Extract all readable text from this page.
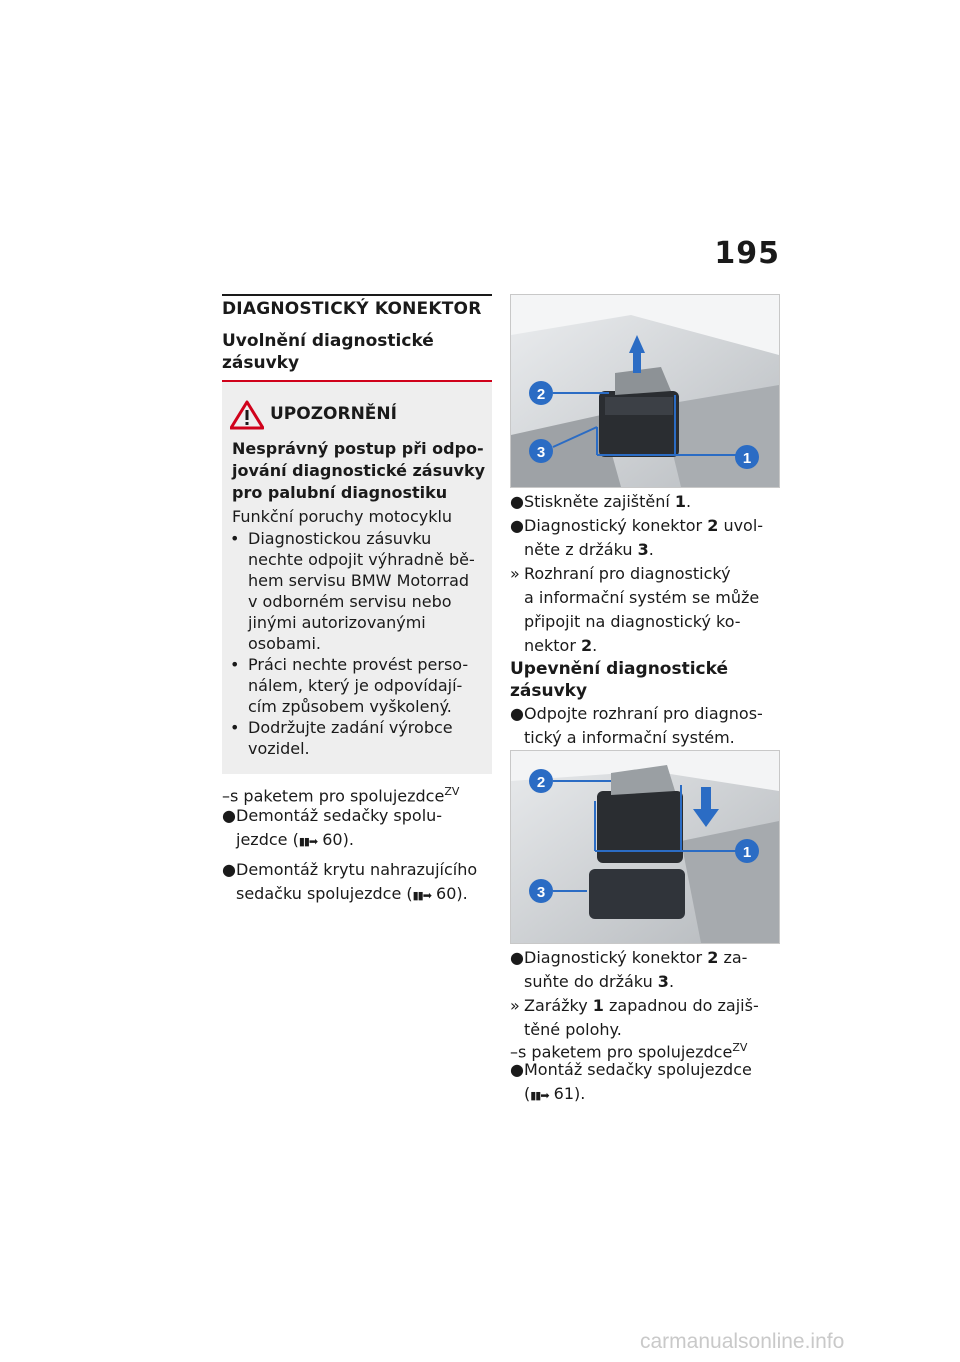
195
DIAGNOSTICKÝ KONEKTOR
Uvolnění diagnostické
zásuvky
UPOZORNĚNÍ
Nesprávný postup při odpo-
jování diagnostické zásuvky
pro palubní diagnostiku
Funkční poruchy motocyklu
• Diagnostickou zásuvku
nechte odpojit výhradně bě-
hem servisu BMW Motorrad
v odborném servisu nebo
jinými autorizovanými
osobami.
• Práci nechte provést perso-
nálem, který je odpovídají-
cím způsobem vyškolený.
• Dodržujte zadání výrobce
vozidel.
–s paketem pro spolujezdce$^{ZV}$
● Demontáž sedačky spolu-
jezdce (▮▮➡ 60).
● Demontáž krytu nahrazujícího
sedačku spolujezdce (▮▮➡ 60).
2
3	1
● Stiskněte zajištění 1.
● Diagnostický konektor 2 uvol-
něte z držáku 3.
» Rozhraní pro diagnostický
a informační systém se může
připojit na diagnostický ko-
nektor 2.
Upevnění diagnostické
zásuvky
● Odpojte rozhraní pro diagnos-
tický a informační systém.
2
1
3
● Diagnostický konektor 2 za-
suňte do držáku 3.
» Zarážky 1 zapadnou do zajiš-
těné polohy.
–s paketem pro spolujezdce$^{ZV}$
● Montáž sedačky spolujezdce
(▮▮➡ 61).
carmanualsonline.info
